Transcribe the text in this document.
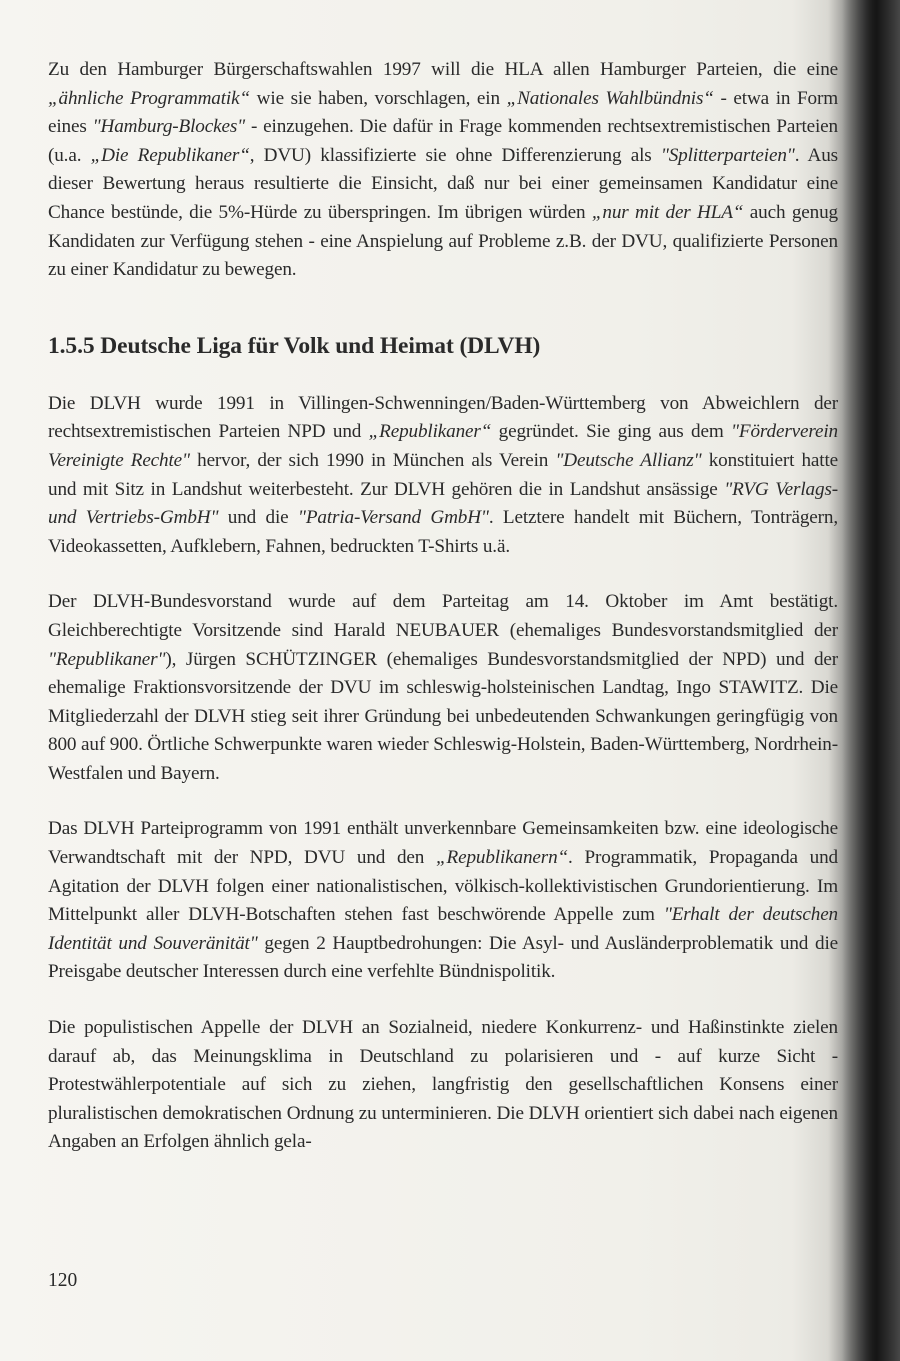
Zu den Hamburger Bürgerschaftswahlen 1997 will die HLA allen Hamburger Parteien, die eine „ähnliche Programmatik“ wie sie haben, vorschlagen, ein „Nationales Wahlbündnis“ - etwa in Form eines "Hamburg-Blockes" - einzugehen. Die dafür in Frage kommenden rechtsextremistischen Parteien (u.a. „Die Republikaner“, DVU) klassifizierte sie ohne Differenzierung als "Splitterparteien". Aus dieser Bewertung heraus resultierte die Einsicht, daß nur bei einer gemeinsamen Kandidatur eine Chance bestünde, die 5%-Hürde zu überspringen. Im übrigen würden „nur mit der HLA“ auch genug Kandidaten zur Verfügung stehen - eine Anspielung auf Probleme z.B. der DVU, qualifizierte Personen zu einer Kandidatur zu bewegen.

1.5.5 Deutsche Liga für Volk und Heimat (DLVH)

Die DLVH wurde 1991 in Villingen-Schwenningen/Baden-Württemberg von Abweichlern der rechtsextremistischen Parteien NPD und „Republikaner“ gegründet. Sie ging aus dem "Förderverein Vereinigte Rechte" hervor, der sich 1990 in München als Verein "Deutsche Allianz" konstituiert hatte und mit Sitz in Landshut weiterbesteht. Zur DLVH gehören die in Landshut ansässige "RVG Verlags- und Vertriebs-GmbH" und die "Patria-Versand GmbH". Letztere handelt mit Büchern, Tonträgern, Videokassetten, Aufklebern, Fahnen, bedruckten T-Shirts u.ä.

Der DLVH-Bundesvorstand wurde auf dem Parteitag am 14. Oktober im Amt bestätigt. Gleichberechtigte Vorsitzende sind Harald NEUBAUER (ehemaliges Bundesvorstandsmitglied der "Republikaner"), Jürgen SCHÜTZINGER (ehemaliges Bundesvorstandsmitglied der NPD) und der ehemalige Fraktionsvorsitzende der DVU im schleswig-holsteinischen Landtag, Ingo STAWITZ. Die Mitgliederzahl der DLVH stieg seit ihrer Gründung bei unbedeutenden Schwankungen geringfügig von 800 auf 900. Örtliche Schwerpunkte waren wieder Schleswig-Holstein, Baden-Württemberg, Nordrhein-Westfalen und Bayern.

Das DLVH Parteiprogramm von 1991 enthält unverkennbare Gemeinsamkeiten bzw. eine ideologische Verwandtschaft mit der NPD, DVU und den „Republikanern“. Programmatik, Propaganda und Agitation der DLVH folgen einer nationalistischen, völkisch-kollektivistischen Grundorientierung. Im Mittelpunkt aller DLVH-Botschaften stehen fast beschwörende Appelle zum "Erhalt der deutschen Identität und Souveränität" gegen 2 Hauptbedrohungen: Die Asyl- und Ausländerproblematik und die Preisgabe deutscher Interessen durch eine verfehlte Bündnispolitik.

Die populistischen Appelle der DLVH an Sozialneid, niedere Konkurrenz- und Haßinstinkte zielen darauf ab, das Meinungsklima in Deutschland zu polarisieren und - auf kurze Sicht - Protestwählerpotentiale auf sich zu ziehen, langfristig den gesellschaftlichen Konsens einer pluralistischen demokratischen Ordnung zu unterminieren. Die DLVH orientiert sich dabei nach eigenen Angaben an Erfolgen ähnlich gela-

120
